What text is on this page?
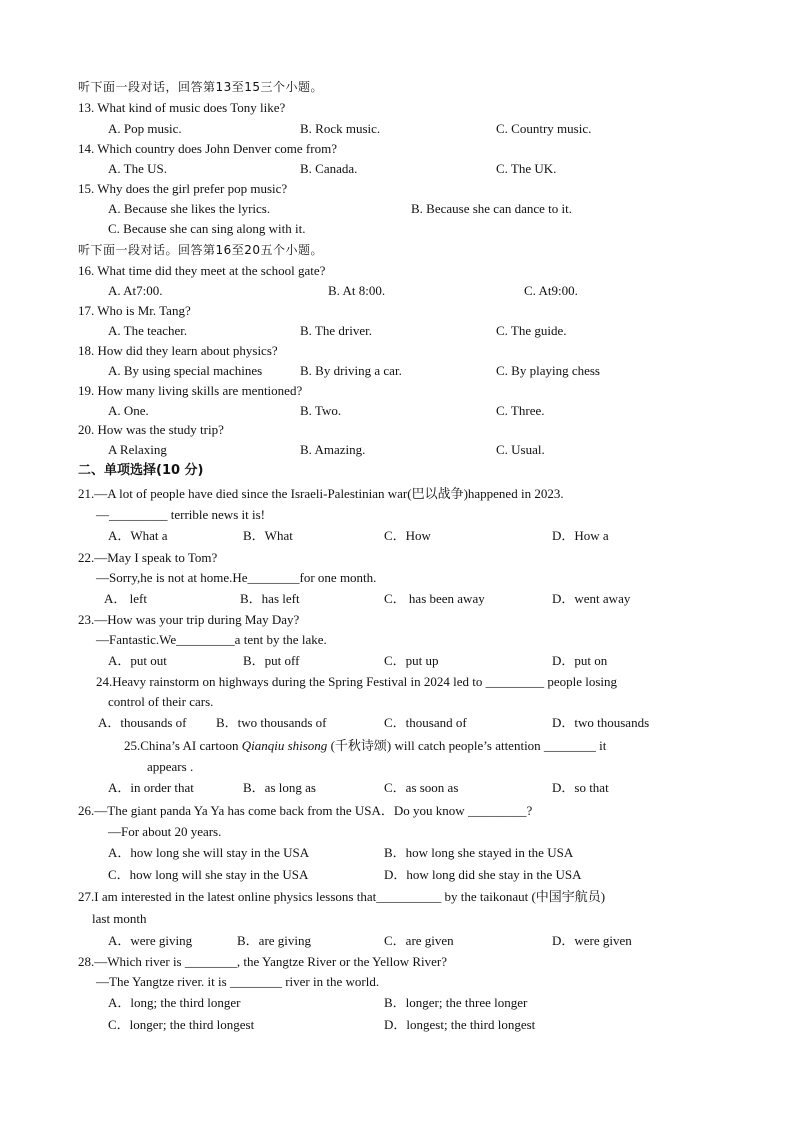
听下面一段对话，回答第13至15三个小题。
13. What kind of music does Tony like?
A. Pop music.	B. Rock music.	C. Country music.
14. Which country does John Denver come from?
A. The US.	B. Canada.	C. The UK.
15. Why does the girl prefer pop music?
A. Because she likes the lyrics.	B. Because she can dance to it.
C. Because she can sing along with it.
听下面一段对话。回答第16至20五个小题。
16. What time did they meet at the school gate?
A. At7:00.	B. At 8:00.	C. At9:00.
17. Who is Mr. Tang?
A. The teacher.	B. The driver.	C. The guide.
18. How did they learn about physics?
A. By using special machines	B. By driving a car.	C. By playing chess
19. How many living skills are mentioned?
A. One.	B. Two.	C. Three.
20. How was the study trip?
A Relaxing	B. Amazing.	C. Usual.
二、单项选择(10 分)
21.—A lot of people have died since the Israeli-Palestinian war(巴以战争)happened in 2023.
—_________ terrible news it is!
A．What a	B．What	C．How	D．How a
22.—May I speak to Tom?
—Sorry,he is not at home.He________for one month.
A． left	B．has left	C． has been away	D．went away
23.—How was your trip during May Day?
—Fantastic.We_________a tent by the lake.
A．put out	B．put off	C．put up	D．put on
24.Heavy rainstorm on highways during the Spring Festival in 2024 led to _________ people losing
control of their cars.
A．thousands of B．two thousands of	C．thousand of	D．two thousands
25.China’s AI cartoon Qianqiu shisong (千秋诗颂) will catch people’s attention ________ it
appears .
A．in order that	B．as long as	C．as soon as	D．so that
26.—The giant panda Ya Ya has come back from the USA．Do you know _________?
—For about 20 years.
A．how long she will stay in the USA	B．how long she stayed in the USA
C．how long will she stay in the USA	D．how long did she stay in the USA
27.I am interested in the latest online physics lessons that__________ by the taikonaut (中国宇航员)
last month
A．were giving	B．are giving	C．are given	D．were given
28.—Which river is ________, the Yangtze River or the Yellow River?
—The Yangtze river. it is ________ river in the world.
A．long; the third longer	B．longer; the three longer
C．longer; the third longest	D．longest; the third longest
